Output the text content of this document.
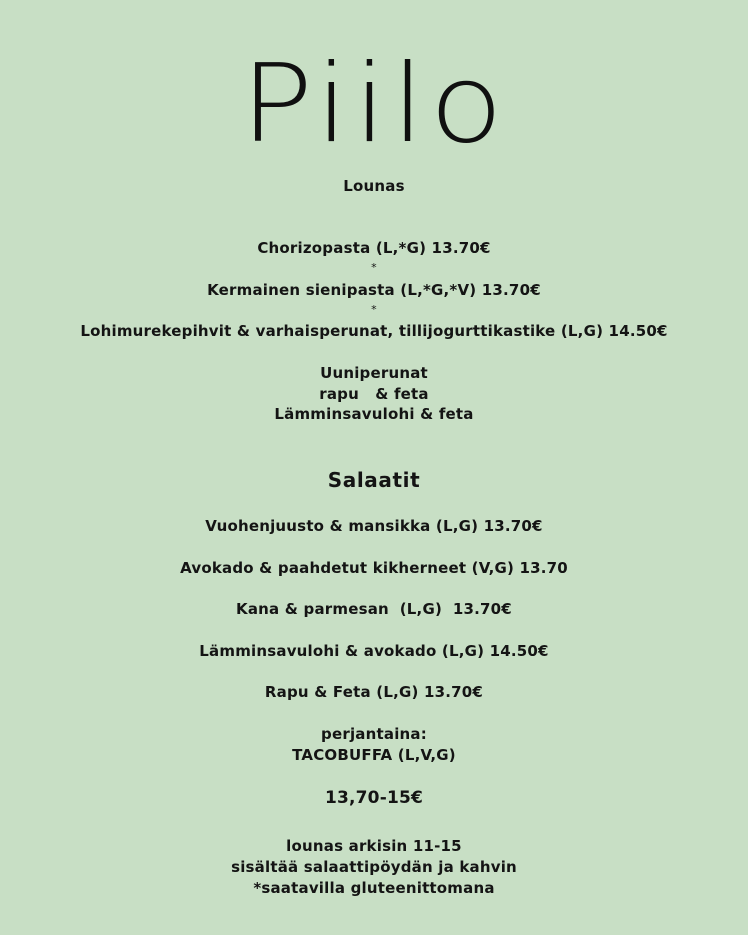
Piilo
Lounas
Chorizopasta (L,*G) 13.70€
*
Kermainen sienipasta (L,*G,*V) 13.70€
*
Lohimurekepihvit & varhaisperunat, tillijogurttikastike (L,G) 14.50€
Uuniperunat
rapu   & feta
Lämminsavulohi & feta
Salaatit
Vuohenjuusto & mansikka (L,G) 13.70€
Avokado & paahdetut kikherneet (V,G) 13.70
Kana & parmesan  (L,G)  13.70€
Lämminsavulohi & avokado (L,G) 14.50€
Rapu & Feta (L,G) 13.70€
perjantaina:
TACOBUFFA (L,V,G)
13,70-15€
lounas arkisin 11-15
sisältää salaattipöydän ja kahvin
*saatavilla gluteenittomana
